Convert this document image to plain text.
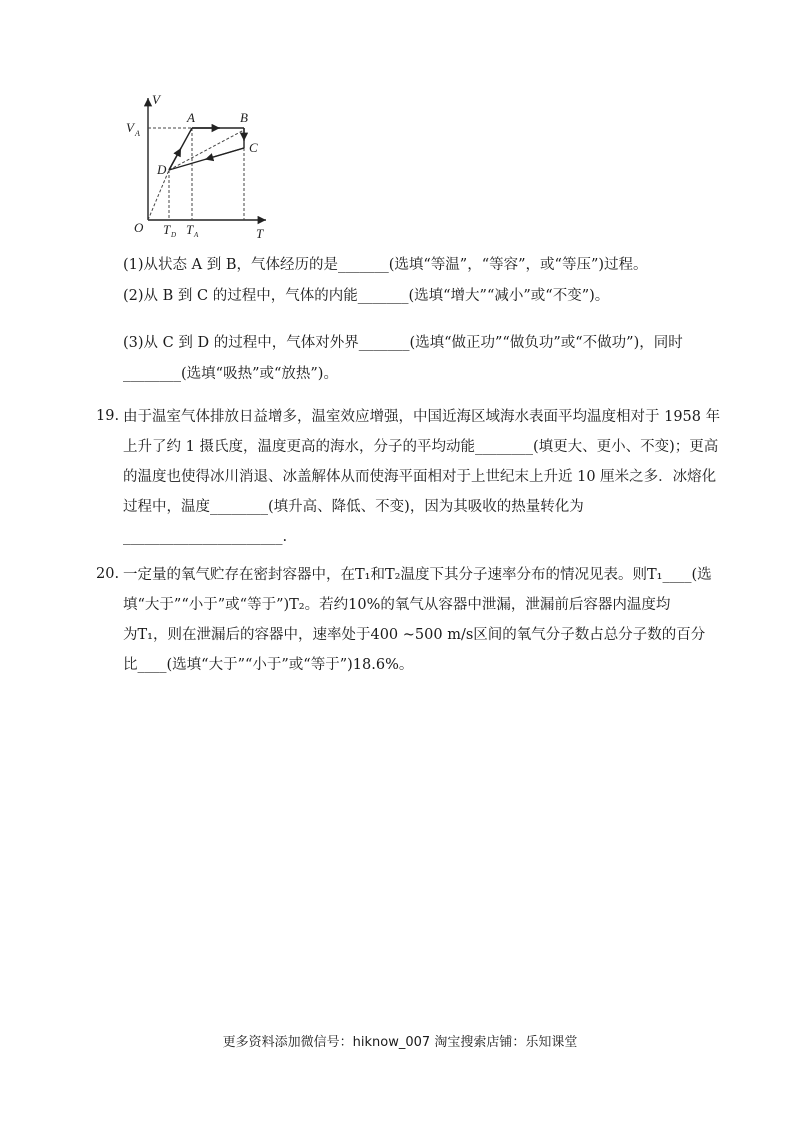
V
T
O
V A
A	B
C
D
T D T A
(1)从状态 A 到 B，气体经历的是_______(选填“等温”，“等容”，或“等压”)过程。
(2)从 B 到 C 的过程中，气体的内能_______(选填“增大”“减小”或“不变”)。
(3)从 C 到 D 的过程中，气体对外界_______(选填“做正功”“做负功”或“不做功”)，同时
________(选填“吸热”或“放热”)。
19. 由于温室气体排放日益增多，温室效应增强，中国近海区域海水表面平均温度相对于 1958 年
上升了约 1 摄氏度，温度更高的海水，分子的平均动能________(填更大、更小、不变)；更高
的温度也使得冰川消退、冰盖解体从而使海平面相对于上世纪末上升近 10 厘米之多．冰熔化
过程中，温度________(填升高、降低、不变)，因为其吸收的热量转化为
______________________.
20. 一定量的氧气贮存在密封容器中，在T₁和T₂温度下其分子速率分布的情况见表。则T₁____(选
填“大于”“小于”或“等于”)T₂。若约10%的氧气从容器中泄漏，泄漏前后容器内温度均
为T₁，则在泄漏后的容器中，速率处于400 ~500 m/s区间的氧气分子数占总分子数的百分
比____(选填“大于”“小于”或“等于”)18.6%。
更多资料添加微信号：hiknow_007 淘宝搜索店铺：乐知课堂
